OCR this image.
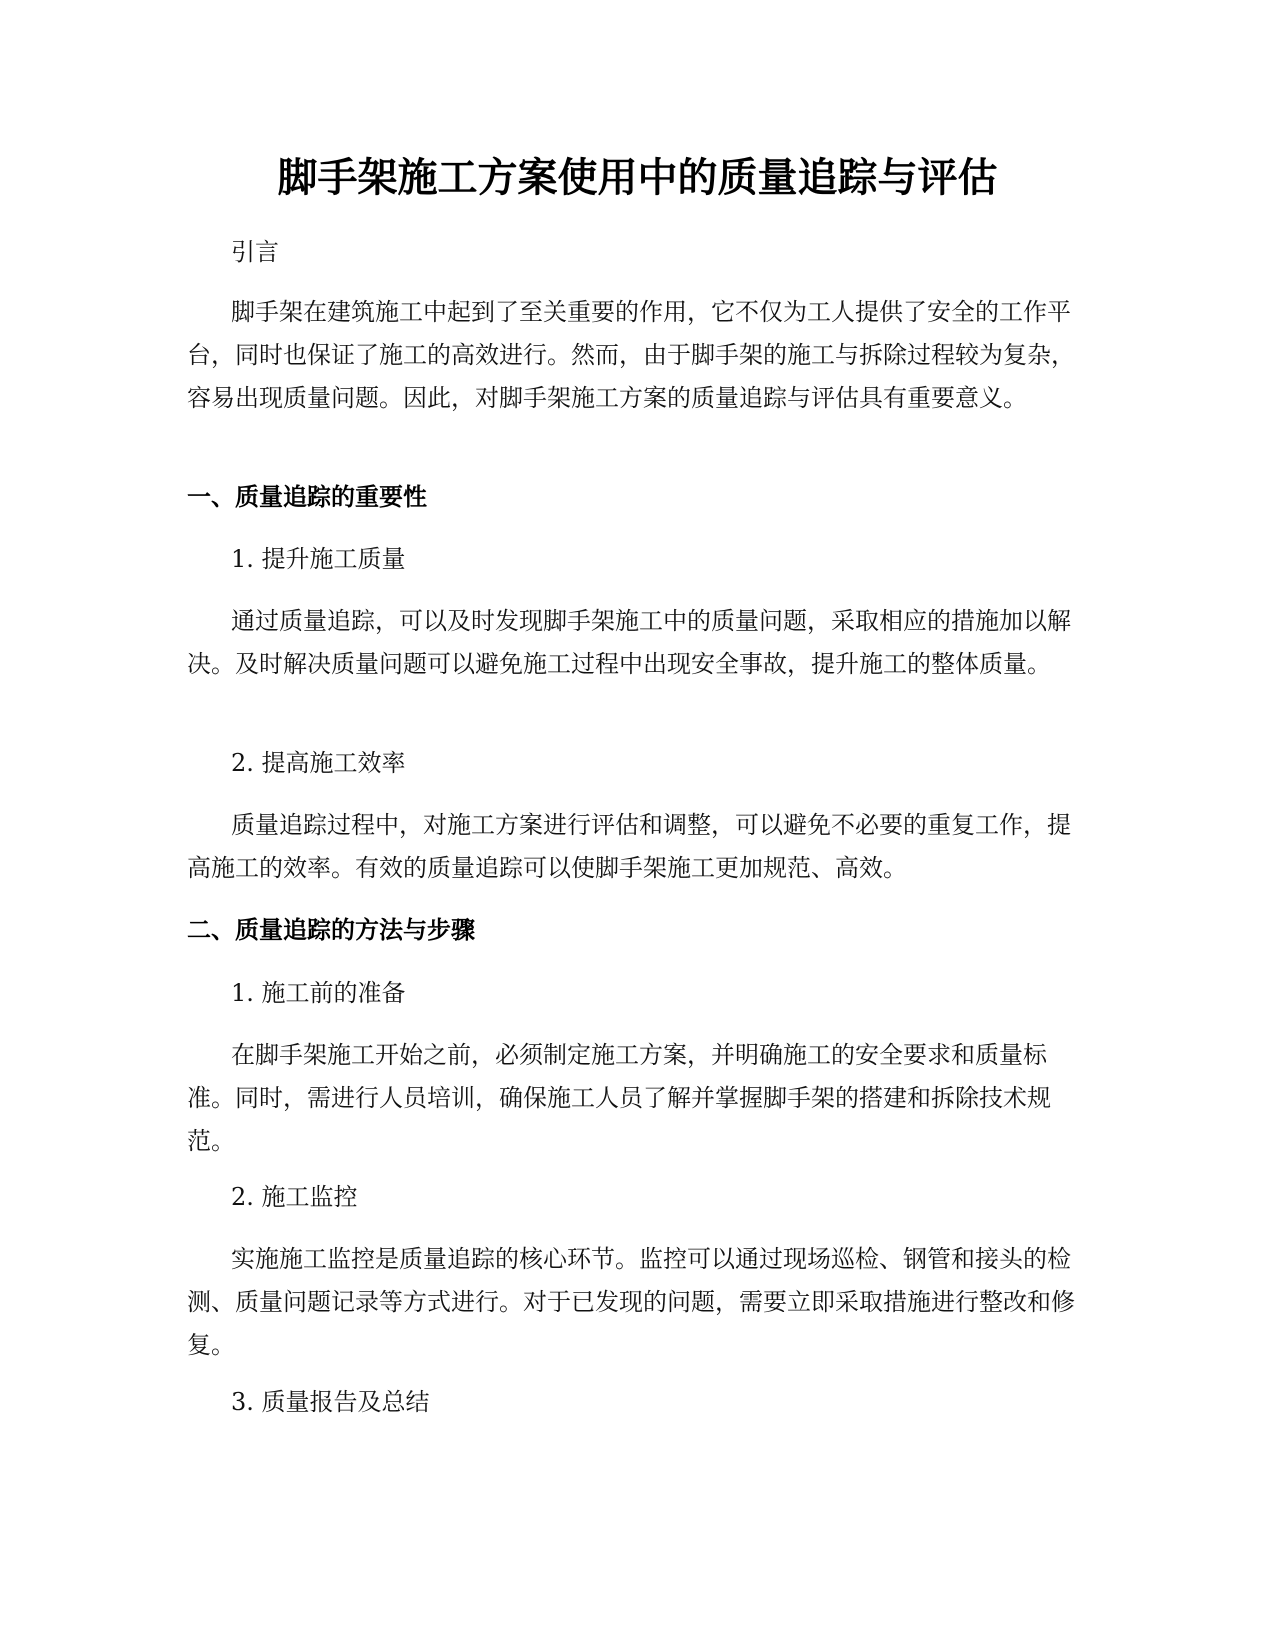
脚手架施工方案使用中的质量追踪与评估

引言

脚手架在建筑施工中起到了至关重要的作用，它不仅为工人提供了安全的工作平台，同时也保证了施工的高效进行。然而，由于脚手架的施工与拆除过程较为复杂，容易出现质量问题。因此，对脚手架施工方案的质量追踪与评估具有重要意义。

一、质量追踪的重要性

1. 提升施工质量

通过质量追踪，可以及时发现脚手架施工中的质量问题，采取相应的措施加以解决。及时解决质量问题可以避免施工过程中出现安全事故，提升施工的整体质量。

2. 提高施工效率

质量追踪过程中，对施工方案进行评估和调整，可以避免不必要的重复工作，提高施工的效率。有效的质量追踪可以使脚手架施工更加规范、高效。

二、质量追踪的方法与步骤

1. 施工前的准备

在脚手架施工开始之前，必须制定施工方案，并明确施工的安全要求和质量标准。同时，需进行人员培训，确保施工人员了解并掌握脚手架的搭建和拆除技术规范。

2. 施工监控

实施施工监控是质量追踪的核心环节。监控可以通过现场巡检、钢管和接头的检测、质量问题记录等方式进行。对于已发现的问题，需要立即采取措施进行整改和修复。

3. 质量报告及总结
